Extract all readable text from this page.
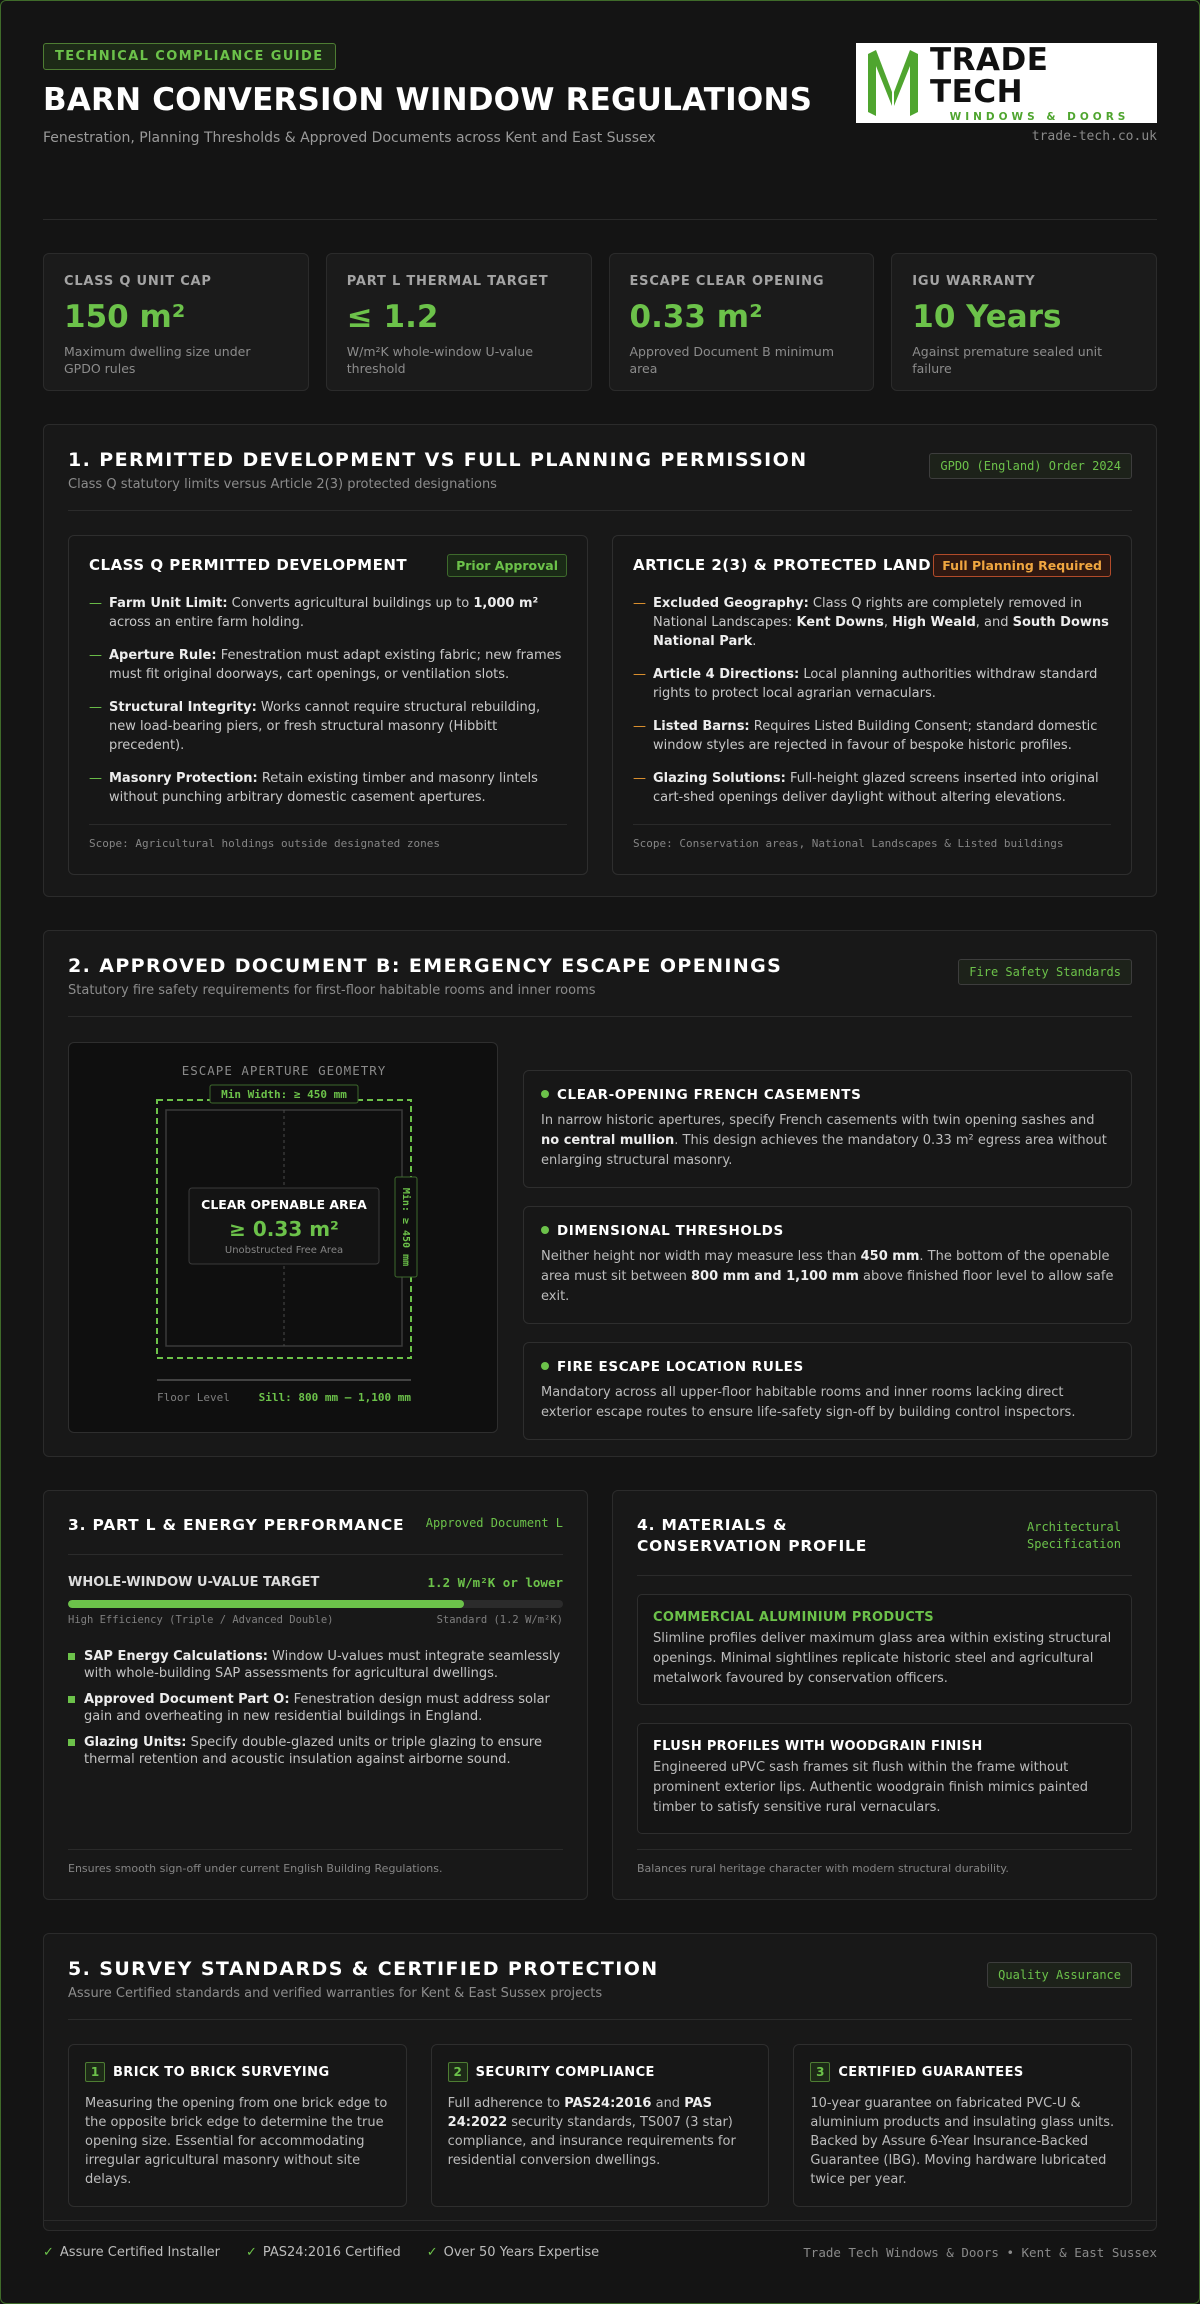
TECHNICAL COMPLIANCE GUIDE
BARN CONVERSION WINDOW REGULATIONS
Fenestration, Planning Thresholds & Approved Documents across Kent and East Sussex
TRADE TECH
WINDOWS & DOORS
trade-tech.co.uk
CLASS Q UNIT CAP
150 m²
Maximum dwelling size under GPDO rules
PART L THERMAL TARGET
≤ 1.2
W/m²K whole-window U-value threshold
ESCAPE CLEAR OPENING
0.33 m²
Approved Document B minimum area
IGU WARRANTY
10 Years
Against premature sealed unit failure
1. PERMITTED DEVELOPMENT VS FULL PLANNING PERMISSION
Class Q statutory limits versus Article 2(3) protected designations
GPDO (England) Order 2024
CLASS Q PERMITTED DEVELOPMENT	Prior Approval
— Farm Unit Limit: Converts agricultural buildings up to 1,000 m² across an entire farm holding.
— Aperture Rule: Fenestration must adapt existing fabric; new frames must fit original doorways, cart openings, or ventilation slots.
— Structural Integrity: Works cannot require structural rebuilding, new load-bearing piers, or fresh structural masonry (Hibbitt precedent).
— Masonry Protection: Retain existing timber and masonry lintels without punching arbitrary domestic casement apertures.
Scope: Agricultural holdings outside designated zones
ARTICLE 2(3) & PROTECTED LAND Full Planning Required
— Excluded Geography: Class Q rights are completely removed in National Landscapes: Kent Downs, High Weald, and South Downs National Park.
— Article 4 Directions: Local planning authorities withdraw standard rights to protect local agrarian vernaculars.
— Listed Barns: Requires Listed Building Consent; standard domestic window styles are rejected in favour of bespoke historic profiles.
— Glazing Solutions: Full-height glazed screens inserted into original cart-shed openings deliver daylight without altering elevations.
Scope: Conservation areas, National Landscapes & Listed buildings
2. APPROVED DOCUMENT B: EMERGENCY ESCAPE OPENINGS
Statutory fire safety requirements for first-floor habitable rooms and inner rooms
Fire Safety Standards
ESCAPE APERTURE GEOMETRY
Min Width: ≥ 450 mm
Min: ≥ 450 mm
CLEAR OPENABLE AREA
≥ 0.33 m²
Unobstructed Free Area
Floor Level	Sill: 800 mm – 1,100 mm
CLEAR-OPENING FRENCH CASEMENTS
In narrow historic apertures, specify French casements with twin opening sashes and no central mullion. This design achieves the mandatory 0.33 m² egress area without enlarging structural masonry.
DIMENSIONAL THRESHOLDS
Neither height nor width may measure less than 450 mm. The bottom of the openable area must sit between 800 mm and 1,100 mm above finished floor level to allow safe exit.
FIRE ESCAPE LOCATION RULES
Mandatory across all upper-floor habitable rooms and inner rooms lacking direct exterior escape routes to ensure life-safety sign-off by building control inspectors.
3. PART L & ENERGY PERFORMANCE	Approved Document L
WHOLE-WINDOW U-VALUE TARGET	1.2 W/m²K or lower
High Efficiency (Triple / Advanced Double)	Standard (1.2 W/m²K)
SAP Energy Calculations: Window U-values must integrate seamlessly with whole-building SAP assessments for agricultural dwellings.
Approved Document Part O: Fenestration design must address solar gain and overheating in new residential buildings in England.
Glazing Units: Specify double-glazed units or triple glazing to ensure thermal retention and acoustic insulation against airborne sound.
Ensures smooth sign-off under current English Building Regulations.
4. MATERIALS & CONSERVATION PROFILE
Architectural Specification
COMMERCIAL ALUMINIUM PRODUCTS
Slimline profiles deliver maximum glass area within existing structural openings. Minimal sightlines replicate historic steel and agricultural metalwork favoured by conservation officers.
FLUSH PROFILES WITH WOODGRAIN FINISH
Engineered uPVC sash frames sit flush within the frame without prominent exterior lips. Authentic woodgrain finish mimics painted timber to satisfy sensitive rural vernaculars.
Balances rural heritage character with modern structural durability.
5. SURVEY STANDARDS & CERTIFIED PROTECTION
Assure Certified standards and verified warranties for Kent & East Sussex projects
Quality Assurance
1 BRICK TO BRICK SURVEYING
Measuring the opening from one brick edge to the opposite brick edge to determine the true opening size. Essential for accommodating irregular agricultural masonry without site delays.
2 SECURITY COMPLIANCE
Full adherence to PAS24:2016 and PAS 24:2022 security standards, TS007 (3 star) compliance, and insurance requirements for residential conversion dwellings.
3 CERTIFIED GUARANTEES
10-year guarantee on fabricated PVC-U & aluminium products and insulating glass units. Backed by Assure 6-Year Insurance-Backed Guarantee (IBG). Moving hardware lubricated twice per year.
✓ Assure Certified Installer ✓ PAS24:2016 Certified ✓ Over 50 Years Expertise	Trade Tech Windows & Doors • Kent & East Sussex
